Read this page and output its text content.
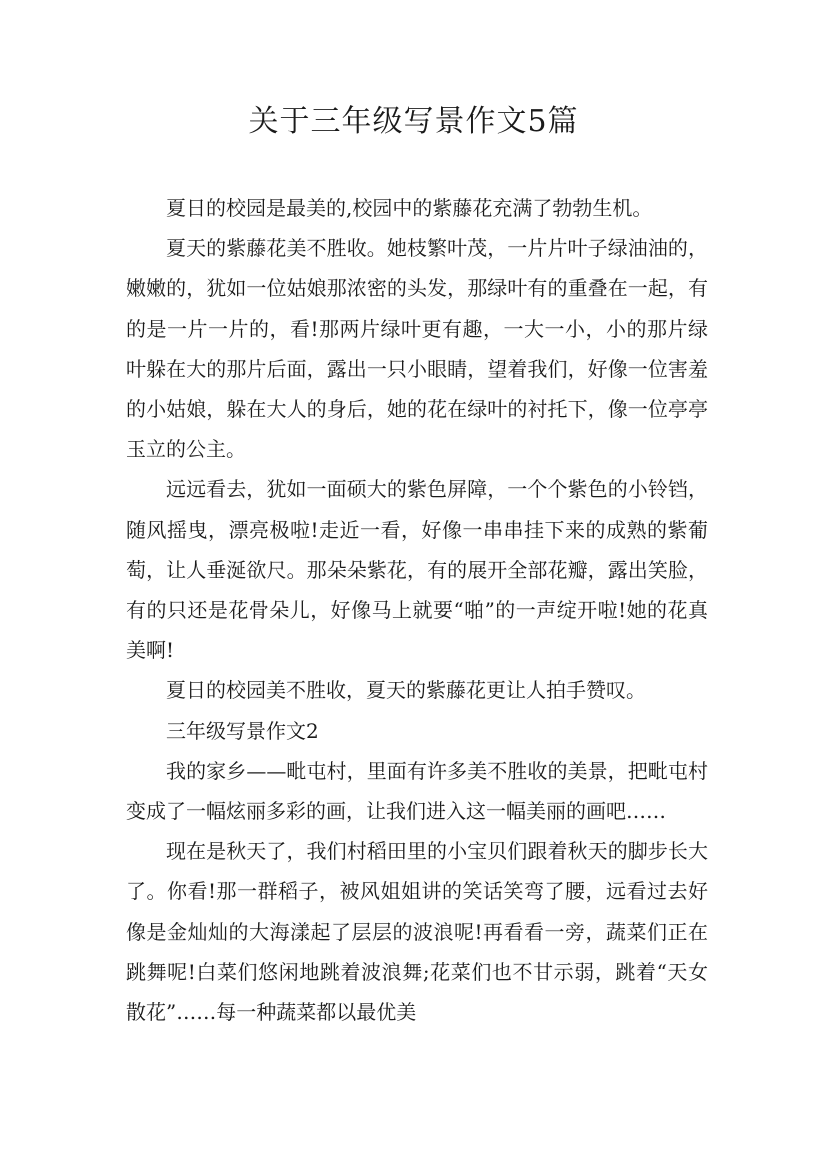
关于三年级写景作文5篇

夏日的校园是最美的,校园中的紫藤花充满了勃勃生机。

夏天的紫藤花美不胜收。她枝繁叶茂，一片片叶子绿油油的，嫩嫩的，犹如一位姑娘那浓密的头发，那绿叶有的重叠在一起，有的是一片一片的，看!那两片绿叶更有趣，一大一小，小的那片绿叶躲在大的那片后面，露出一只小眼睛，望着我们，好像一位害羞的小姑娘，躲在大人的身后，她的花在绿叶的衬托下，像一位亭亭玉立的公主。

远远看去，犹如一面硕大的紫色屏障，一个个紫色的小铃铛，随风摇曳，漂亮极啦!走近一看，好像一串串挂下来的成熟的紫葡萄，让人垂涎欲尺。那朵朵紫花，有的展开全部花瓣，露出笑脸，有的只还是花骨朵儿，好像马上就要“啪”的一声绽开啦!她的花真美啊!

夏日的校园美不胜收，夏天的紫藤花更让人拍手赞叹。

三年级写景作文2

我的家乡——毗屯村，里面有许多美不胜收的美景，把毗屯村变成了一幅炫丽多彩的画，让我们进入这一幅美丽的画吧……

现在是秋天了，我们村稻田里的小宝贝们跟着秋天的脚步长大了。你看!那一群稻子，被风姐姐讲的笑话笑弯了腰，远看过去好像是金灿灿的大海漾起了层层的波浪呢!再看看一旁，蔬菜们正在跳舞呢!白菜们悠闲地跳着波浪舞;花菜们也不甘示弱，跳着“天女散花”……每一种蔬菜都以最优美
